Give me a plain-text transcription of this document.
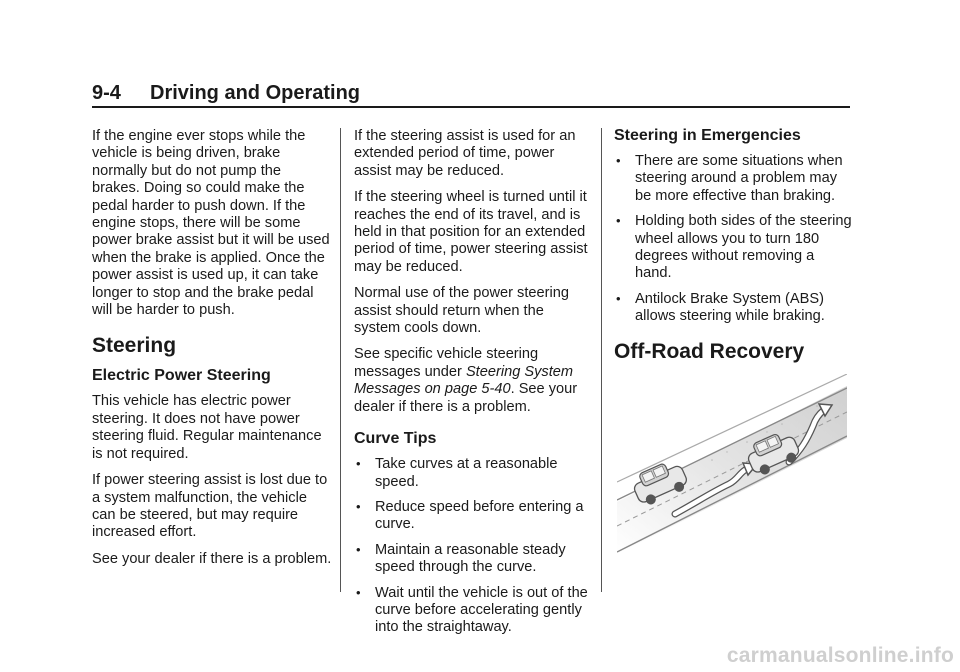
9-4 Driving and Operating

If the engine ever stops while the vehicle is being driven, brake normally but do not pump the brakes. Doing so could make the pedal harder to push down. If the engine stops, there will be some power brake assist but it will be used when the brake is applied. Once the power assist is used up, it can take longer to stop and the brake pedal will be harder to push.

Steering
Electric Power Steering

This vehicle has electric power steering. It does not have power steering fluid. Regular maintenance is not required.

If power steering assist is lost due to a system malfunction, the vehicle can be steered, but may require increased effort.

See your dealer if there is a problem.

If the steering assist is used for an extended period of time, power assist may be reduced.

If the steering wheel is turned until it reaches the end of its travel, and is held in that position for an extended period of time, power steering assist may be reduced.

Normal use of the power steering assist should return when the system cools down.

See specific vehicle steering messages under Steering System Messages on page 5-40. See your dealer if there is a problem.

Curve Tips
• Take curves at a reasonable speed.
• Reduce speed before entering a curve.
• Maintain a reasonable steady speed through the curve.
• Wait until the vehicle is out of the curve before accelerating gently into the straightaway.
Steering in Emergencies
• There are some situations when steering around a problem may be more effective than braking.
• Holding both sides of the steering wheel allows you to turn 180 degrees without removing a hand.
• Antilock Brake System (ABS) allows steering while braking.
Off-Road Recovery
carmanualsonline.info
